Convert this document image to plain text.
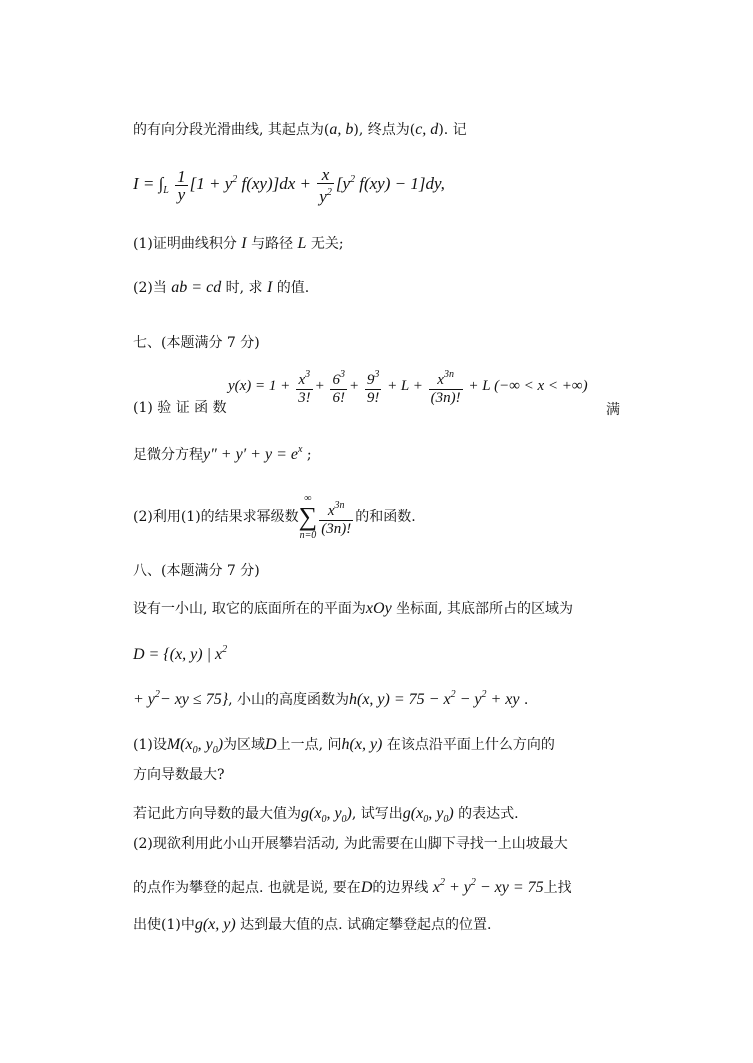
的有向分段光滑曲线, 其起点为(a, b), 终点为(c, d). 记
$I = \int_L \frac{1}{y} [1 + y^2$ $f(xy)]dx + \frac{x}{y^2} [y^2$ f(xy) − 1]dy,
(1)证明曲线积分 I 与路径 L 无关;
(2)当 ab = cd 时, 求 I 的值.
七、(本题满分 7 分)
$y(x) = 1 + \frac{x^3}{3!} + \frac{6^3}{6!} + \frac{9^3}{9!} + L + \frac{x^{3n}}{(3n)!} + L$ (−∞ < x < +∞)
(1) 验 证 函 数	满
足微分方程$y'' + y' + y = e^x$ ;
(2)利用(1)的结果求幂级数∞
∑
$n=0 \frac{x^{3n}}{(3n)!}$ 的和函数.
八、(本题满分 7 分)
设有一小山, 取它的底面所在的平面为xOy 坐标面, 其底部所占的区域为
D = {(x, y) | $x^2$
+ $y^2-$ xy ≤ 75}, 小山的高度函数为h(x, $y) = 75 - x^2 - y^2$ + xy .
(1)设$M(x_0$, $y_0$)为区域D上一点, 问h(x, y) 在该点沿平面上什么方向的
方向导数最大?
若记此方向导数的最大值为$g(x_0$, $y_0$), 试写出$g(x_0$, $y_0$) 的表达式.
(2)现欲利用此小山开展攀岩活动, 为此需要在山脚下寻找一上山坡最大
的点作为攀登的起点. 也就是说, 要在D的边界线 $x^2 + y^2$ − xy = 75上找
出使(1)中g(x, y) 达到最大值的点. 试确定攀登起点的位置.
